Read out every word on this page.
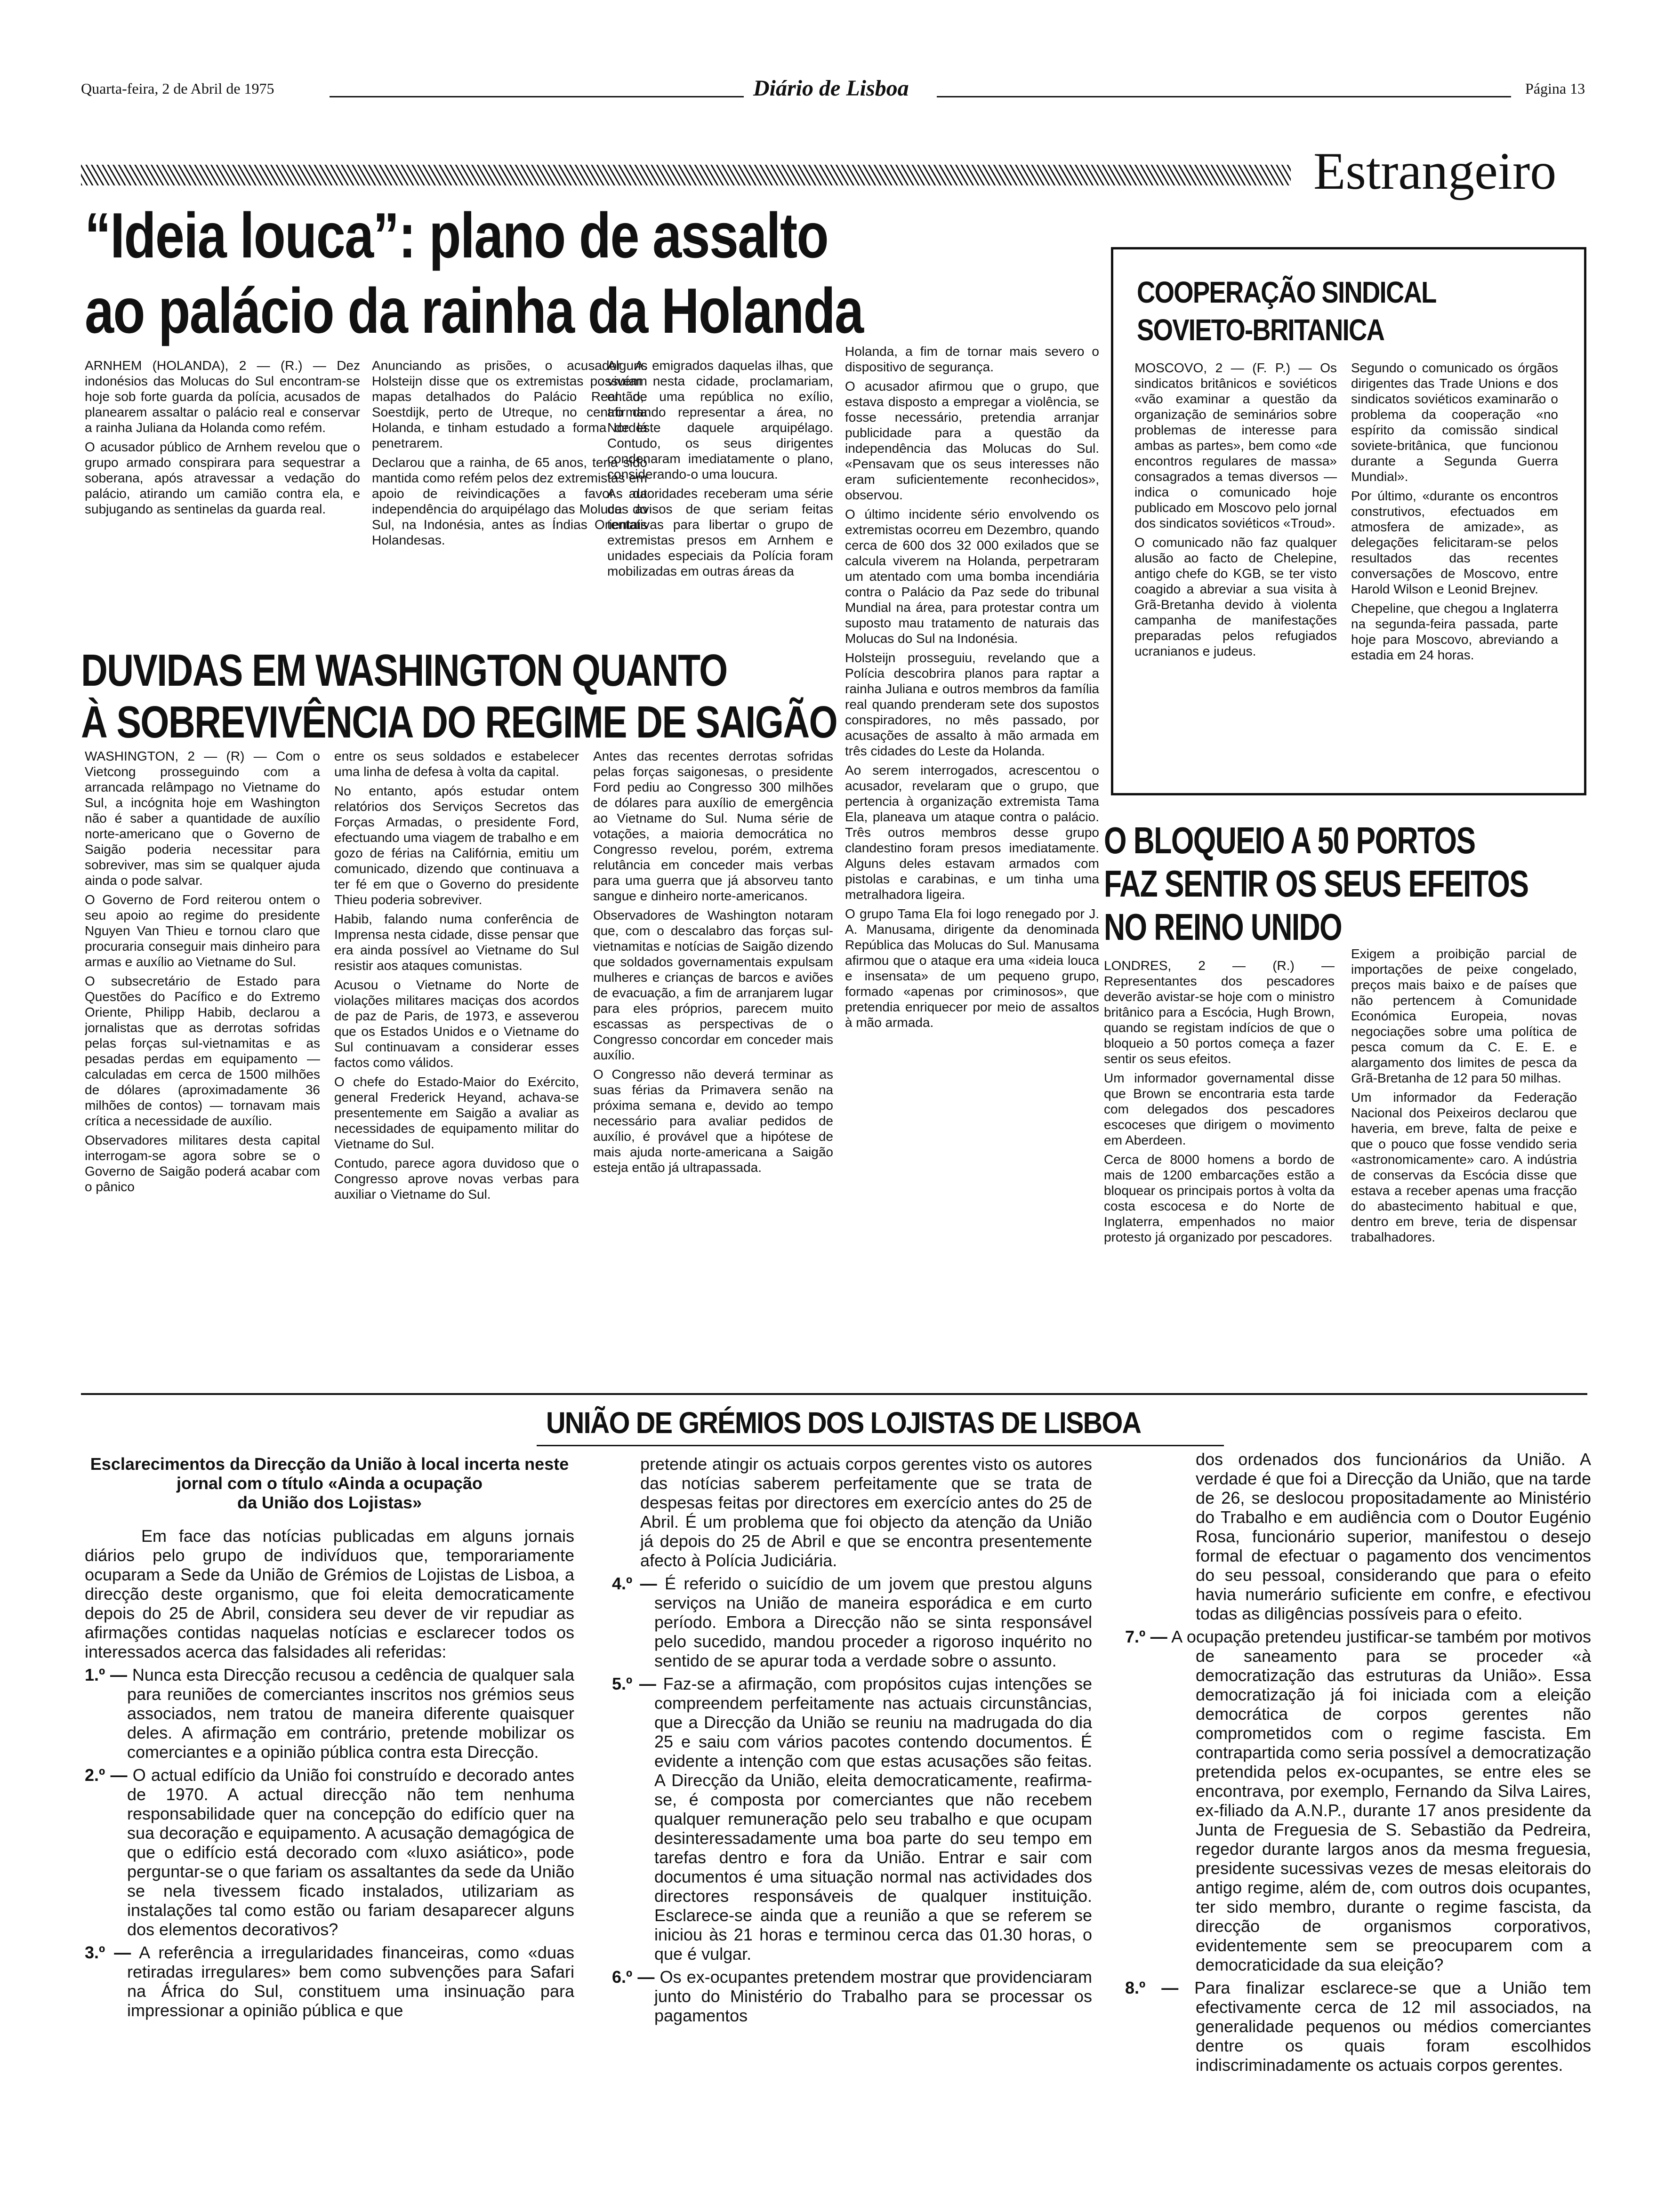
Quarta-feira, 2 de Abril de 1975	Diário de Lisboa	Página 13
Estrangeiro
“Ideia louca”: plano de assalto
ao palácio da rainha da Holanda

ARNHEM (HOLANDA), 2 — (R.) — Dez indonésios das Molucas do Sul encontram-se hoje sob forte guarda da polícia, acusados de planearem assaltar o palácio real e conservar a rainha Juliana da Holanda como refém.

O acusador público de Arnhem revelou que o grupo armado conspirara para sequestrar a soberana, após atravessar a vedação do palácio, atirando um camião contra ela, e subjugando as sentinelas da guarda real.

Anunciando as prisões, o acusador A. Holsteijn disse que os extremistas possuíam mapas detalhados do Palácio Real de Soestdijk, perto de Utreque, no centro da Holanda, e tinham estudado a forma de lá penetrarem.

Declarou que a rainha, de 65 anos, teria sido mantida como refém pelos dez extremistas em apoio de reivindicações a favor da independência do arquipélago das Molucas do Sul, na Indonésia, antes as Índias Orientais Holandesas.

Alguns emigrados daquelas ilhas, que vivem nesta cidade, proclamariam, então, uma república no exílio, afirmando representar a área, no Nordeste daquele arquipélago. Contudo, os seus dirigentes condenaram imediatamente o plano, considerando-o uma loucura.

As autoridades receberam uma série de avisos de que seriam feitas tentativas para libertar o grupo de extremistas presos em Arnhem e unidades especiais da Polícia foram mobilizadas em outras áreas da

Holanda, a fim de tornar mais severo o dispositivo de segurança.

O acusador afirmou que o grupo, que estava disposto a empregar a violência, se fosse necessário, pretendia arranjar publicidade para a questão da independência das Molucas do Sul. «Pensavam que os seus interesses não eram suficientemente reconhecidos», observou.

O último incidente sério envolvendo os extremistas ocorreu em Dezembro, quando cerca de 600 dos 32 000 exilados que se calcula viverem na Holanda, perpetraram um atentado com uma bomba incendiária contra o Palácio da Paz sede do tribunal Mundial na área, para protestar contra um suposto mau tratamento de naturais das Molucas do Sul na Indonésia.

Holsteijn prosseguiu, revelando que a Polícia descobrira planos para raptar a rainha Juliana e outros membros da família real quando prenderam sete dos supostos conspiradores, no mês passado, por acusações de assalto à mão armada em três cidades do Leste da Holanda.

Ao serem interrogados, acrescentou o acusador, revelaram que o grupo, que pertencia à organização extremista Tama Ela, planeava um ataque contra o palácio. Três outros membros desse grupo clandestino foram presos imediatamente. Alguns deles estavam armados com pistolas e carabinas, e um tinha uma metralhadora ligeira.

O grupo Tama Ela foi logo renegado por J. A. Manusama, dirigente da denominada República das Molucas do Sul. Manusama afirmou que o ataque era uma «ideia louca e insensata» de um pequeno grupo, formado «apenas por criminosos», que pretendia enriquecer por meio de assaltos à mão armada.

DUVIDAS EM WASHINGTON QUANTO
À SOBREVIVÊNCIA DO REGIME DE SAIGÃO

WASHINGTON, 2 — (R) — Com o Vietcong prosseguindo com a arrancada relâmpago no Vietname do Sul, a incógnita hoje em Washington não é saber a quantidade de auxílio norte-americano que o Governo de Saigão poderia necessitar para sobreviver, mas sim se qualquer ajuda ainda o pode salvar.

O Governo de Ford reiterou ontem o seu apoio ao regime do presidente Nguyen Van Thieu e tornou claro que procuraria conseguir mais dinheiro para armas e auxílio ao Vietname do Sul.

O subsecretário de Estado para Questões do Pacífico e do Extremo Oriente, Philipp Habib, declarou a jornalistas que as derrotas sofridas pelas forças sul-vietnamitas e as pesadas perdas em equipamento — calculadas em cerca de 1500 milhões de dólares (aproximadamente 36 milhões de contos) — tornavam mais crítica a necessidade de auxílio.

Observadores militares desta capital interrogam-se agora sobre se o Governo de Saigão poderá acabar com o pânico

entre os seus soldados e estabelecer uma linha de defesa à volta da capital.

No entanto, após estudar ontem relatórios dos Serviços Secretos das Forças Armadas, o presidente Ford, efectuando uma viagem de trabalho e em gozo de férias na Califórnia, emitiu um comunicado, dizendo que continuava a ter fé em que o Governo do presidente Thieu poderia sobreviver.

Habib, falando numa conferência de Imprensa nesta cidade, disse pensar que era ainda possível ao Vietname do Sul resistir aos ataques comunistas.

Acusou o Vietname do Norte de violações militares maciças dos acordos de paz de Paris, de 1973, e asseverou que os Estados Unidos e o Vietname do Sul continuavam a considerar esses factos como válidos.

O chefe do Estado-Maior do Exército, general Frederick Heyand, achava-se presentemente em Saigão a avaliar as necessidades de equipamento militar do Vietname do Sul.

Contudo, parece agora duvidoso que o Congresso aprove novas verbas para auxiliar o Vietname do Sul.

Antes das recentes derrotas sofridas pelas forças saigonesas, o presidente Ford pediu ao Congresso 300 milhões de dólares para auxílio de emergência ao Vietname do Sul. Numa série de votações, a maioria democrática no Congresso revelou, porém, extrema relutância em conceder mais verbas para uma guerra que já absorveu tanto sangue e dinheiro norte-americanos.

Observadores de Washington notaram que, com o descalabro das forças sul-vietnamitas e notícias de Saigão dizendo que soldados governamentais expulsam mulheres e crianças de barcos e aviões de evacuação, a fim de arranjarem lugar para eles próprios, parecem muito escassas as perspectivas de o Congresso concordar em conceder mais auxílio.

O Congresso não deverá terminar as suas férias da Primavera senão na próxima semana e, devido ao tempo necessário para avaliar pedidos de auxílio, é provável que a hipótese de mais ajuda norte-americana a Saigão esteja então já ultrapassada.

COOPERAÇÃO SINDICAL
SOVIETO-BRITANICA

MOSCOVO, 2 — (F. P.) — Os sindicatos britânicos e soviéticos «vão examinar a questão da organização de seminários sobre problemas de interesse para ambas as partes», bem como «de encontros regulares de massa» consagrados a temas diversos — indica o comunicado hoje publicado em Moscovo pelo jornal dos sindicatos soviéticos «Troud».

O comunicado não faz qualquer alusão ao facto de Chelepine, antigo chefe do KGB, se ter visto coagido a abreviar a sua visita à Grã-Bretanha devido à violenta campanha de manifestações preparadas pelos refugiados ucranianos e judeus.

Segundo o comunicado os órgãos dirigentes das Trade Unions e dos sindicatos soviéticos examinarão o problema da cooperação «no espírito da comissão sindical soviete-britânica, que funcionou durante a Segunda Guerra Mundial».

Por último, «durante os encontros construtivos, efectuados em atmosfera de amizade», as delegações felicitaram-se pelos resultados das recentes conversações de Moscovo, entre Harold Wilson e Leonid Brejnev.

Chepeline, que chegou a Inglaterra na segunda-feira passada, parte hoje para Moscovo, abreviando a estadia em 24 horas.

O BLOQUEIO A 50 PORTOS
FAZ SENTIR OS SEUS EFEITOS
NO REINO UNIDO

LONDRES, 2 — (R.) — Representantes dos pescadores deverão avistar-se hoje com o ministro britânico para a Escócia, Hugh Brown, quando se registam indícios de que o bloqueio a 50 portos começa a fazer sentir os seus efeitos.

Um informador governamental disse que Brown se encontraria esta tarde com delegados dos pescadores escoceses que dirigem o movimento em Aberdeen.

Cerca de 8000 homens a bordo de mais de 1200 embarcações estão a bloquear os principais portos à volta da costa escocesa e do Norte de Inglaterra, empenhados no maior protesto já organizado por pescadores.

Exigem a proibição parcial de importações de peixe congelado, preços mais baixo e de países que não pertencem à Comunidade Económica Europeia, novas negociações sobre uma política de pesca comum da C. E. E. e alargamento dos limites de pesca da Grã-Bretanha de 12 para 50 milhas.

Um informador da Federação Nacional dos Peixeiros declarou que haveria, em breve, falta de peixe e que o pouco que fosse vendido seria «astronomicamente» caro. A indústria de conservas da Escócia disse que estava a receber apenas uma fracção do abastecimento habitual e que, dentro em breve, teria de dispensar trabalhadores.

UNIÃO DE GRÉMIOS DOS LOJISTAS DE LISBOA
Esclarecimentos da Direcção da União à local incerta neste jornal com o título «Ainda a ocupação
da União dos Lojistas»

Em face das notícias publicadas em alguns jornais diários pelo grupo de indivíduos que, temporariamente ocuparam a Sede da União de Grémios de Lojistas de Lisboa, a direcção deste organismo, que foi eleita democraticamente depois do 25 de Abril, considera seu dever de vir repudiar as afirmações contidas naquelas notícias e esclarecer todos os interessados acerca das falsidades ali referidas:

1.º — Nunca esta Direcção recusou a cedência de qualquer sala para reuniões de comerciantes inscritos nos grémios seus associados, nem tratou de maneira diferente quaisquer deles. A afirmação em contrário, pretende mobilizar os comerciantes e a opinião pública contra esta Direcção.

2.º — O actual edifício da União foi construído e decorado antes de 1970. A actual direcção não tem nenhuma responsabilidade quer na concepção do edifício quer na sua decoração e equipamento. A acusação demagógica de que o edifício está decorado com «luxo asiático», pode perguntar-se o que fariam os assaltantes da sede da União se nela tivessem ficado instalados, utilizariam as instalações tal como estão ou fariam desaparecer alguns dos elementos decorativos?

3.º — A referência a irregularidades financeiras, como «duas retiradas irregulares» bem como subvenções para Safari na África do Sul, constituem uma insinuação para impressionar a opinião pública e que

pretende atingir os actuais corpos gerentes visto os autores das notícias saberem perfeitamente que se trata de despesas feitas por directores em exercício antes do 25 de Abril. É um problema que foi objecto da atenção da União já depois do 25 de Abril e que se encontra presentemente afecto à Polícia Judiciária.

4.º — É referido o suicídio de um jovem que prestou alguns serviços na União de maneira esporádica e em curto período. Embora a Direcção não se sinta responsável pelo sucedido, mandou proceder a rigoroso inquérito no sentido de se apurar toda a verdade sobre o assunto.

5.º — Faz-se a afirmação, com propósitos cujas intenções se compreendem perfeitamente nas actuais circunstâncias, que a Direcção da União se reuniu na madrugada do dia 25 e saiu com vários pacotes contendo documentos. É evidente a intenção com que estas acusações são feitas. A Direcção da União, eleita democraticamente, reafirma-se, é composta por comerciantes que não recebem qualquer remuneração pelo seu trabalho e que ocupam desinteressadamente uma boa parte do seu tempo em tarefas dentro e fora da União. Entrar e sair com documentos é uma situação normal nas actividades dos directores responsáveis de qualquer instituição. Esclarece-se ainda que a reunião a que se referem se iniciou às 21 horas e terminou cerca das 01.30 horas, o que é vulgar.

6.º — Os ex-ocupantes pretendem mostrar que providenciaram junto do Ministério do Trabalho para se processar os pagamentos

dos ordenados dos funcionários da União. A verdade é que foi a Direcção da União, que na tarde de 26, se deslocou propositadamente ao Ministério do Trabalho e em audiência com o Doutor Eugénio Rosa, funcionário superior, manifestou o desejo formal de efectuar o pagamento dos vencimentos do seu pessoal, considerando que para o efeito havia numerário suficiente em confre, e efectivou todas as diligências possíveis para o efeito.

7.º — A ocupação pretendeu justificar-se também por motivos de saneamento para se proceder «à democratização das estruturas da União». Essa democratização já foi iniciada com a eleição democrática de corpos gerentes não comprometidos com o regime fascista. Em contrapartida como seria possível a democratização pretendida pelos ex-ocupantes, se entre eles se encontrava, por exemplo, Fernando da Silva Laires, ex-filiado da A.N.P., durante 17 anos presidente da Junta de Freguesia de S. Sebastião da Pedreira, regedor durante largos anos da mesma freguesia, presidente sucessivas vezes de mesas eleitorais do antigo regime, além de, com outros dois ocupantes, ter sido membro, durante o regime fascista, da direcção de organismos corporativos, evidentemente sem se preocuparem com a democraticidade da sua eleição?

8.º — Para finalizar esclarece-se que a União tem efectivamente cerca de 12 mil associados, na generalidade pequenos ou médios comerciantes dentre os quais foram escolhidos indiscriminadamente os actuais corpos gerentes.
